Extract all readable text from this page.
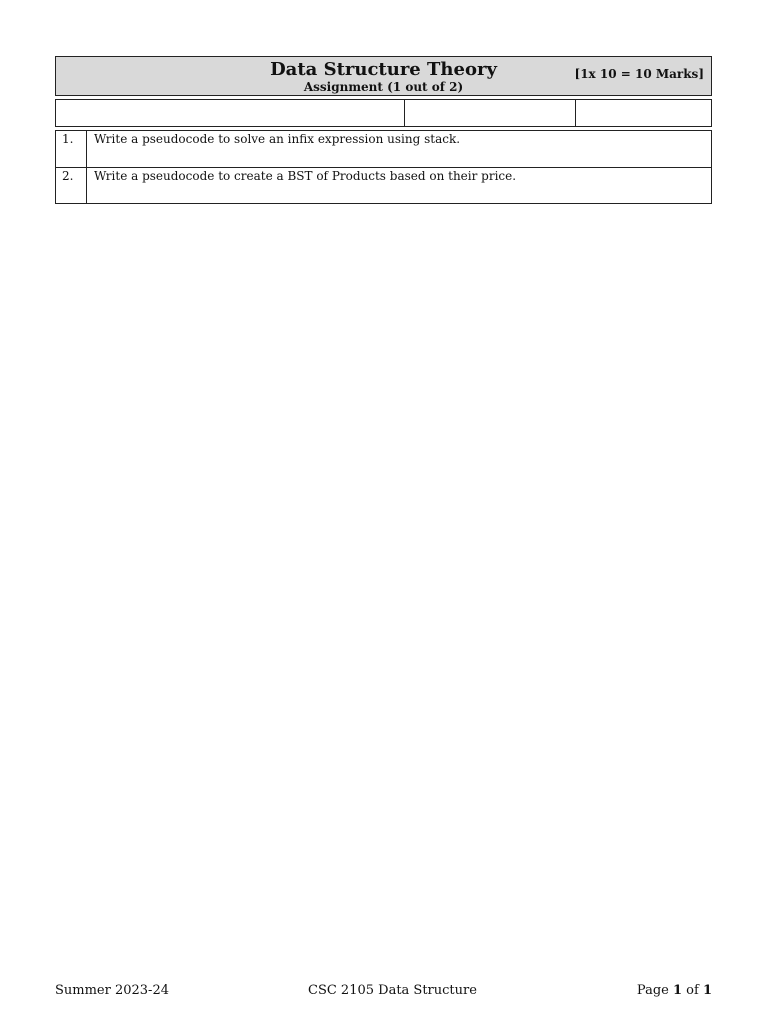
Data Structure Theory
Assignment (1 out of 2)
[1x 10 = 10 Marks]
1.	Write a pseudocode to solve an infix expression using stack.
2.	Write a pseudocode to create a BST of Products based on their price.
Summer 2023-24	CSC 2105 Data Structure	Page 1 of 1
